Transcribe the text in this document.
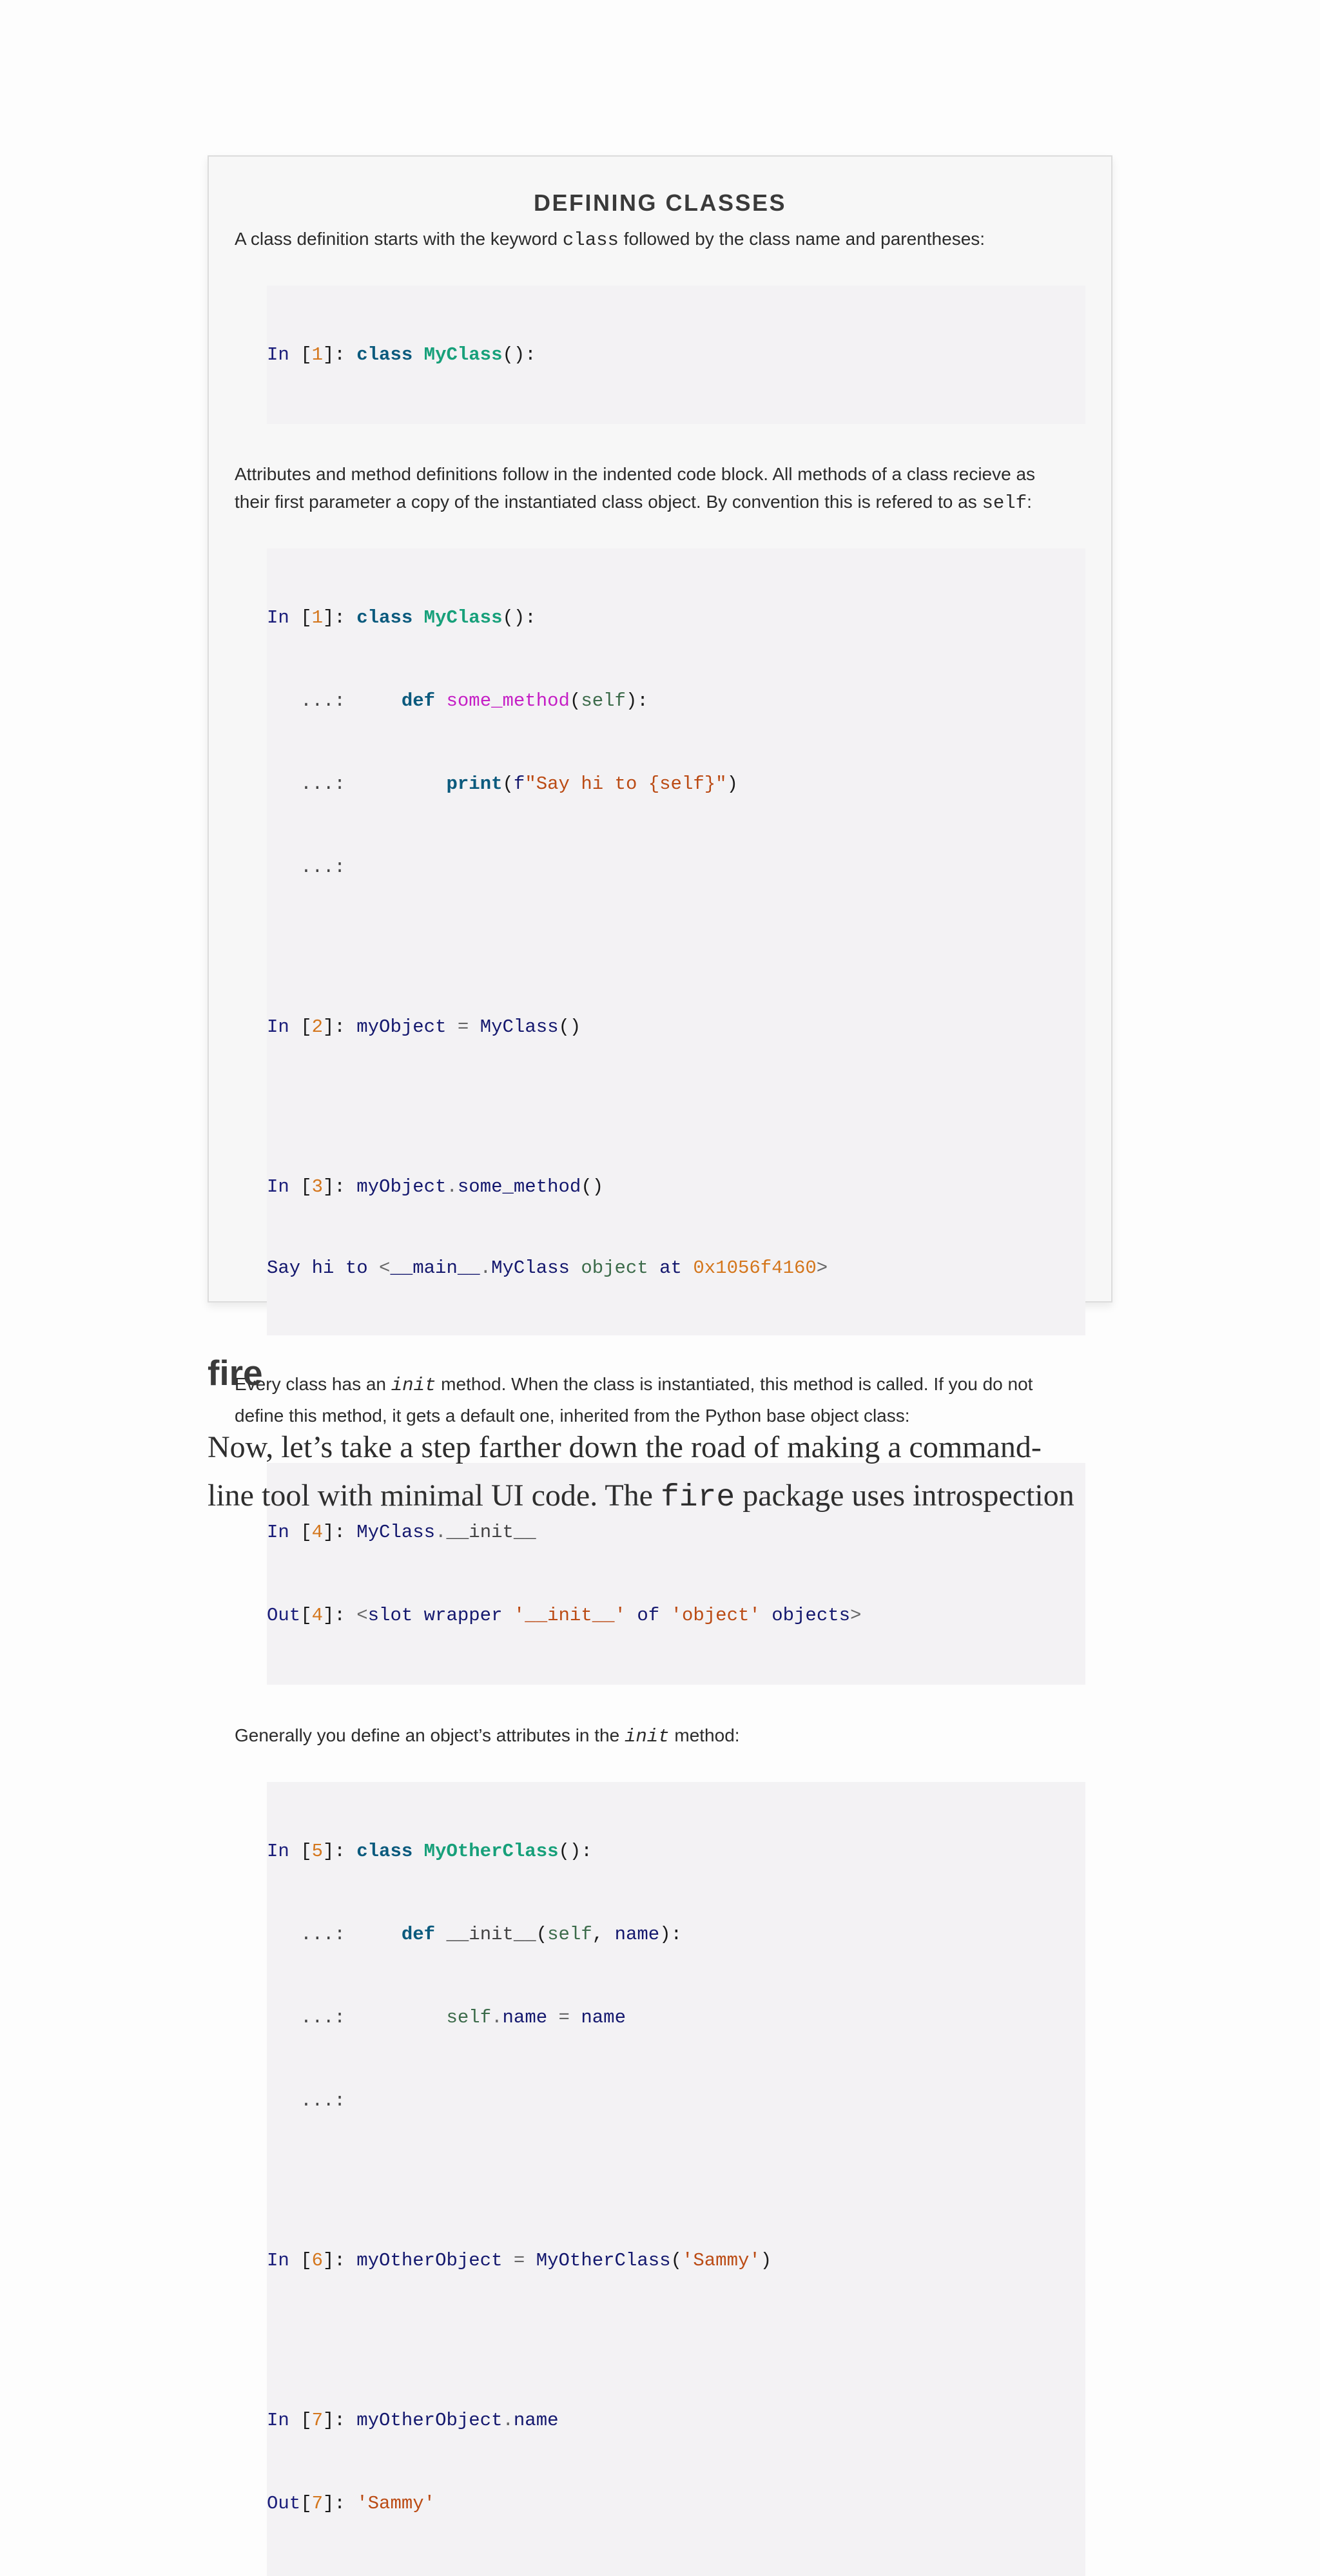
DEFINING CLASSES

A class definition starts with the keyword class followed by the class name and parentheses:

In [1]: class MyClass():

Attributes and method definitions follow in the indented code block. All methods of a class recieve as
their first parameter a copy of the instantiated class object. By convention this is refered to as self:

In [1]: class MyClass():

...:	def some_method(self):

...:	print(f"Say hi to {self}")

...:

In [2]: myObject = MyClass()

In [3]: myObject.some_method()

Say hi to <__main__.MyClass object at 0x1056f4160>

Every class has an init method. When the class is instantiated, this method is called. If you do not
define this method, it gets a default one, inherited from the Python base object class:

In [4]: MyClass.__init__

Out[4]: <slot wrapper '__init__' of 'object' objects>

Generally you define an object’s attributes in the init method:

In [5]: class MyOtherClass():

...:	def __init__(self, name):

...:	self.name = name

...:

In [6]: myOtherObject = MyOtherClass('Sammy')

In [7]: myOtherObject.name

Out[7]: 'Sammy'

fire

Now, let’s take a step farther down the road of making a command-
line tool with minimal UI code. The fire package uses introspection
